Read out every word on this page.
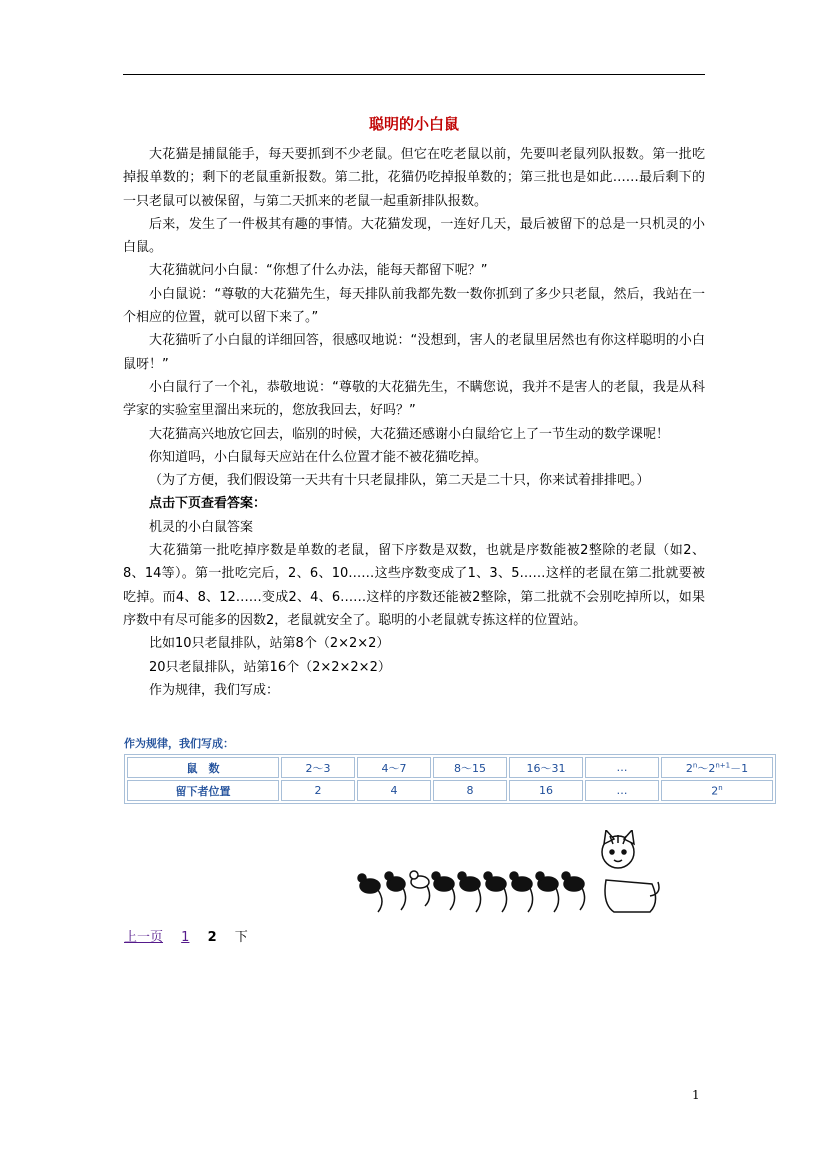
聪明的小白鼠

大花猫是捕鼠能手，每天要抓到不少老鼠。但它在吃老鼠以前，先要叫老鼠列队报数。第一批吃掉报单数的；剩下的老鼠重新报数。第二批，花猫仍吃掉报单数的；第三批也是如此……最后剩下的一只老鼠可以被保留，与第二天抓来的老鼠一起重新排队报数。

后来，发生了一件极其有趣的事情。大花猫发现，一连好几天，最后被留下的总是一只机灵的小白鼠。

大花猫就问小白鼠：“你想了什么办法，能每天都留下呢？”

小白鼠说：“尊敬的大花猫先生，每天排队前我都先数一数你抓到了多少只老鼠，然后，我站在一个相应的位置，就可以留下来了。”

大花猫听了小白鼠的详细回答，很感叹地说：“没想到，害人的老鼠里居然也有你这样聪明的小白鼠呀！”

小白鼠行了一个礼，恭敬地说：“尊敬的大花猫先生，不瞒您说，我并不是害人的老鼠，我是从科学家的实验室里溜出来玩的，您放我回去，好吗？”

大花猫高兴地放它回去，临别的时候，大花猫还感谢小白鼠给它上了一节生动的数学课呢！

你知道吗，小白鼠每天应站在什么位置才能不被花猫吃掉。

（为了方便，我们假设第一天共有十只老鼠排队，第二天是二十只，你来试着排排吧。）

点击下页查看答案：

机灵的小白鼠答案

大花猫第一批吃掉序数是单数的老鼠，留下序数是双数，也就是序数能被2整除的老鼠（如2、8、14等）。第一批吃完后，2、6、10……这些序数变成了1、3、5……这样的老鼠在第二批就要被吃掉。而4、8、12……变成2、4、6……这样的序数还能被2整除，第二批就不会别吃掉所以，如果序数中有尽可能多的因数2，老鼠就安全了。聪明的小老鼠就专拣这样的位置站。

比如10只老鼠排队，站第8个（2×2×2）

20只老鼠排队，站第16个（2×2×2×2）

作为规律，我们写成：

作为规律，我们写成：
鼠　数	2～3	4～7	8～15	16～31	…	$2^n\sim 2^{n+1}-1$
留下者位置	2	4	8	16	…	2$^n$
上一页 1 2 下
1
